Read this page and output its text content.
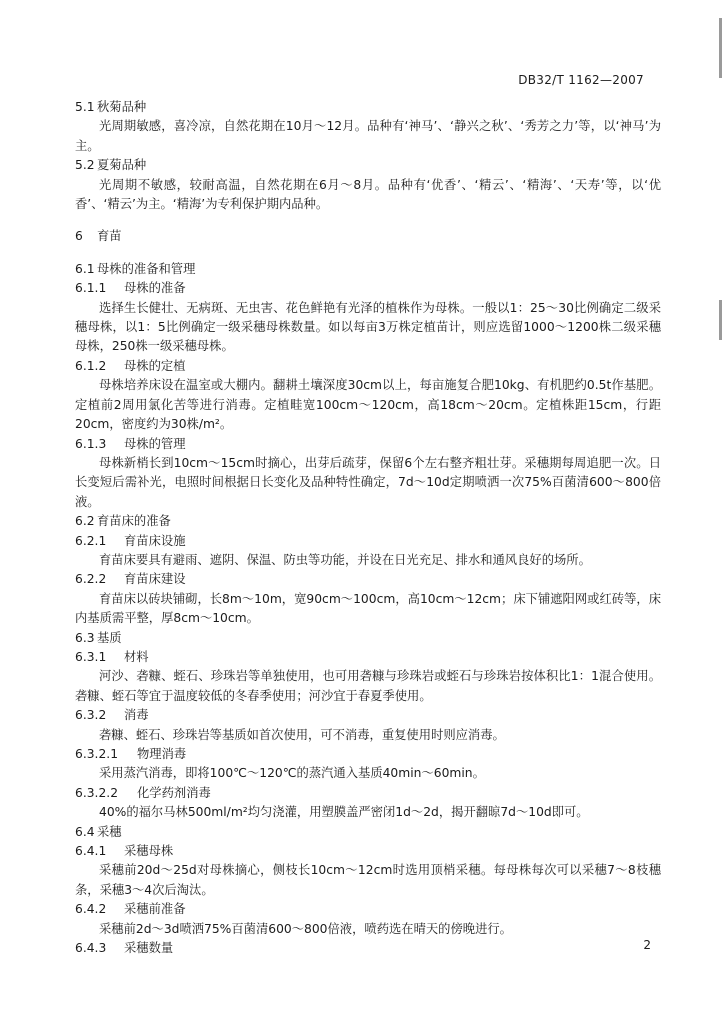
DB32/T 1162—2007
5.1 秋菊品种
光周期敏感，喜冷凉，自然花期在10月～12月。品种有‘神马’、‘静兴之秋’、‘秀芳之力’等，以‘神马’为主。
5.2 夏菊品种
光周期不敏感，较耐高温，自然花期在6月～8月。品种有‘优香’、‘精云’、‘精海’、‘天寿’等，以‘优香’、‘精云’为主。‘精海’为专利保护期内品种。
6	育苗
6.1 母株的准备和管理
6.1.1	母株的准备
选择生长健壮、无病斑、无虫害、花色鲜艳有光泽的植株作为母株。一般以1：25～30比例确定二级采穗母株，以1：5比例确定一级采穗母株数量。如以每亩3万株定植苗计，则应选留1000～1200株二级采穗母株，250株一级采穗母株。
6.1.2	母株的定植
母株培养床设在温室或大棚内。翻耕土壤深度30cm以上，每亩施复合肥10kg、有机肥约0.5t作基肥。定植前2周用氯化苦等进行消毒。定植畦宽100cm～120cm，高18cm～20cm。定植株距15cm，行距20cm，密度约为30株/m²。
6.1.3	母株的管理
母株新梢长到10cm～15cm时摘心，出芽后疏芽，保留6个左右整齐粗壮芽。采穗期每周追肥一次。日长变短后需补光，电照时间根据日长变化及品种特性确定，7d～10d定期喷洒一次75%百菌清600～800倍液。
6.2 育苗床的准备
6.2.1	育苗床设施
育苗床要具有避雨、遮阴、保温、防虫等功能，并设在日光充足、排水和通风良好的场所。
6.2.2	育苗床建设
育苗床以砖块铺砌，长8m～10m，宽90cm～100cm，高10cm～12cm；床下铺遮阳网或红砖等，床内基质需平整，厚8cm～10cm。
6.3 基质
6.3.1	材料
河沙、砻糠、蛭石、珍珠岩等单独使用，也可用砻糠与珍珠岩或蛭石与珍珠岩按体积比1：1混合使用。砻糠、蛭石等宜于温度较低的冬春季使用；河沙宜于春夏季使用。
6.3.2	消毒
砻糠、蛭石、珍珠岩等基质如首次使用，可不消毒，重复使用时则应消毒。
6.3.2.1	物理消毒
采用蒸汽消毒，即将100℃～120℃的蒸汽通入基质40min～60min。
6.3.2.2	化学药剂消毒
40%的福尔马林500ml/m²均匀浇灌，用塑膜盖严密闭1d～2d，揭开翻晾7d～10d即可。
6.4 采穗
6.4.1	采穗母株
采穗前20d～25d对母株摘心，侧枝长10cm～12cm时选用顶梢采穗。每母株每次可以采穗7～8枝穗条，采穗3～4次后淘汰。
6.4.2	采穗前准备
采穗前2d～3d喷洒75%百菌清600～800倍液，喷药选在晴天的傍晚进行。
6.4.3	采穗数量	2
